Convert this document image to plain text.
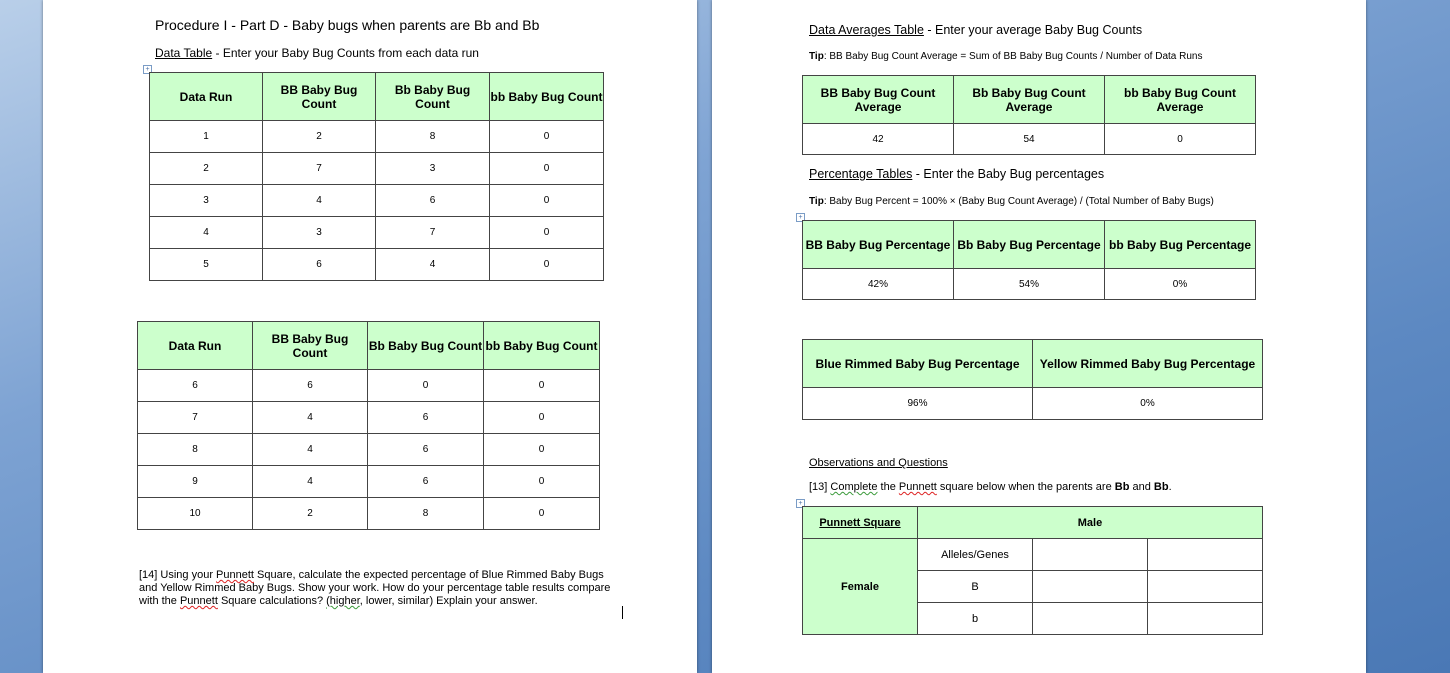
Procedure I - Part D - Baby bugs when parents are Bb and Bb
Data Table - Enter your Baby Bug Counts from each data run
+
Data Run	BB Baby Bug Count	Bb Baby Bug Count	bb Baby Bug Count
1	2	8	0
2	7	3	0
3	4	6	0
4	3	7	0
5	6	4	0
Data Run	BB Baby Bug Count	Bb Baby Bug Count	bb Baby Bug Count
6	6	0	0
7	4	6	0
8	4	6	0
9	4	6	0
10	2	8	0
[14] Using your Punnett Square, calculate the expected percentage of Blue Rimmed Baby Bugs and Yellow Rimmed Baby Bugs. Show your work. How do your percentage table results compare with the Punnett Square calculations? (higher, lower, similar) Explain your answer.
Data Averages Table - Enter your average Baby Bug Counts
Tip: BB Baby Bug Count Average = Sum of BB Baby Bug Counts / Number of Data Runs
BB Baby Bug Count Average	Bb Baby Bug Count Average	bb Baby Bug Count Average
42	54	0
Percentage Tables - Enter the Baby Bug percentages
Tip: Baby Bug Percent = 100% × (Baby Bug Count Average) / (Total Number of Baby Bugs)
+
BB Baby Bug Percentage	Bb Baby Bug Percentage	bb Baby Bug Percentage
42%	54%	0%
Blue Rimmed Baby Bug Percentage	Yellow Rimmed Baby Bug Percentage
96%	0%
Observations and Questions
[13] Complete the Punnett square below when the parents are Bb and Bb.
+
Punnett Square	Male		
Female	Alleles/Genes		
	B		
	b		
